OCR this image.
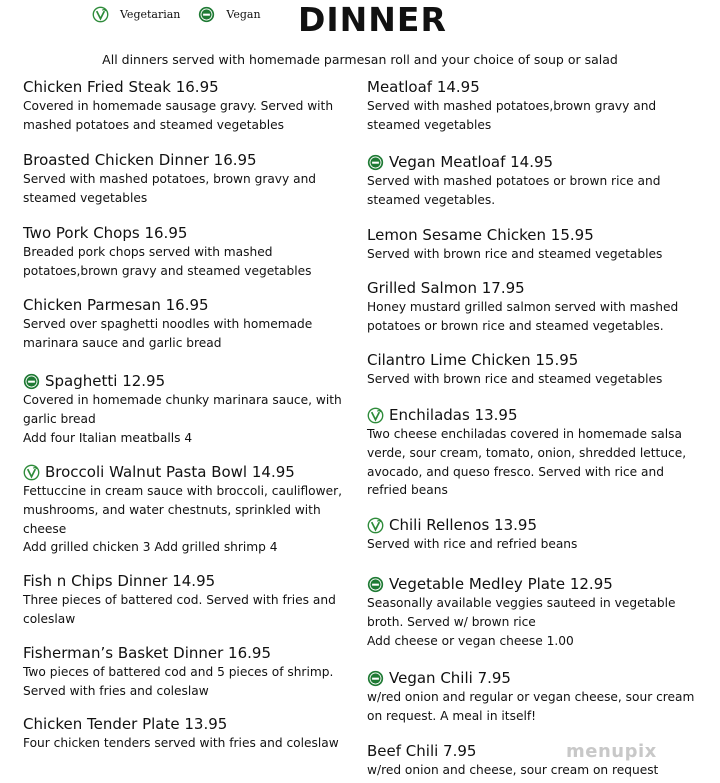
Vegetarian	Vegan DINNER
All dinners served with homemade parmesan roll and your choice of soup or salad
Chicken Fried Steak 16.95
Covered in homemade sausage gravy. Served with
mashed potatoes and steamed vegetables
Broasted Chicken Dinner 16.95
Served with mashed potatoes, brown gravy and
steamed vegetables
Two Pork Chops 16.95
Breaded pork chops served with mashed
potatoes,brown gravy and steamed vegetables
Chicken Parmesan 16.95
Served over spaghetti noodles with homemade
marinara sauce and garlic bread
Spaghetti 12.95
Covered in homemade chunky marinara sauce, with
garlic bread
Add four Italian meatballs 4
Broccoli Walnut Pasta Bowl 14.95
Fettuccine in cream sauce with broccoli, cauliflower,
mushrooms, and water chestnuts, sprinkled with
cheese
Add grilled chicken 3 Add grilled shrimp 4
Fish n Chips Dinner 14.95
Three pieces of battered cod. Served with fries and
coleslaw
Fisherman’s Basket Dinner 16.95
Two pieces of battered cod and 5 pieces of shrimp.
Served with fries and coleslaw
Chicken Tender Plate 13.95
Four chicken tenders served with fries and coleslaw
Meatloaf 14.95
Served with mashed potatoes,brown gravy and
steamed vegetables
Vegan Meatloaf 14.95
Served with mashed potatoes or brown rice and
steamed vegetables.
Lemon Sesame Chicken 15.95
Served with brown rice and steamed vegetables
Grilled Salmon 17.95
Honey mustard grilled salmon served with mashed
potatoes or brown rice and steamed vegetables.
Cilantro Lime Chicken 15.95
Served with brown rice and steamed vegetables
Enchiladas 13.95
Two cheese enchiladas covered in homemade salsa
verde, sour cream, tomato, onion, shredded lettuce,
avocado, and queso fresco. Served with rice and
refried beans
Chili Rellenos 13.95
Served with rice and refried beans
Vegetable Medley Plate 12.95
Seasonally available veggies sauteed in vegetable
broth. Served w/ brown rice
Add cheese or vegan cheese 1.00
Vegan Chili 7.95
w/red onion and regular or vegan cheese, sour cream
on request. A meal in itself!
Beef Chili 7.95
w/red onion and cheese, sour cream on request
menupix
